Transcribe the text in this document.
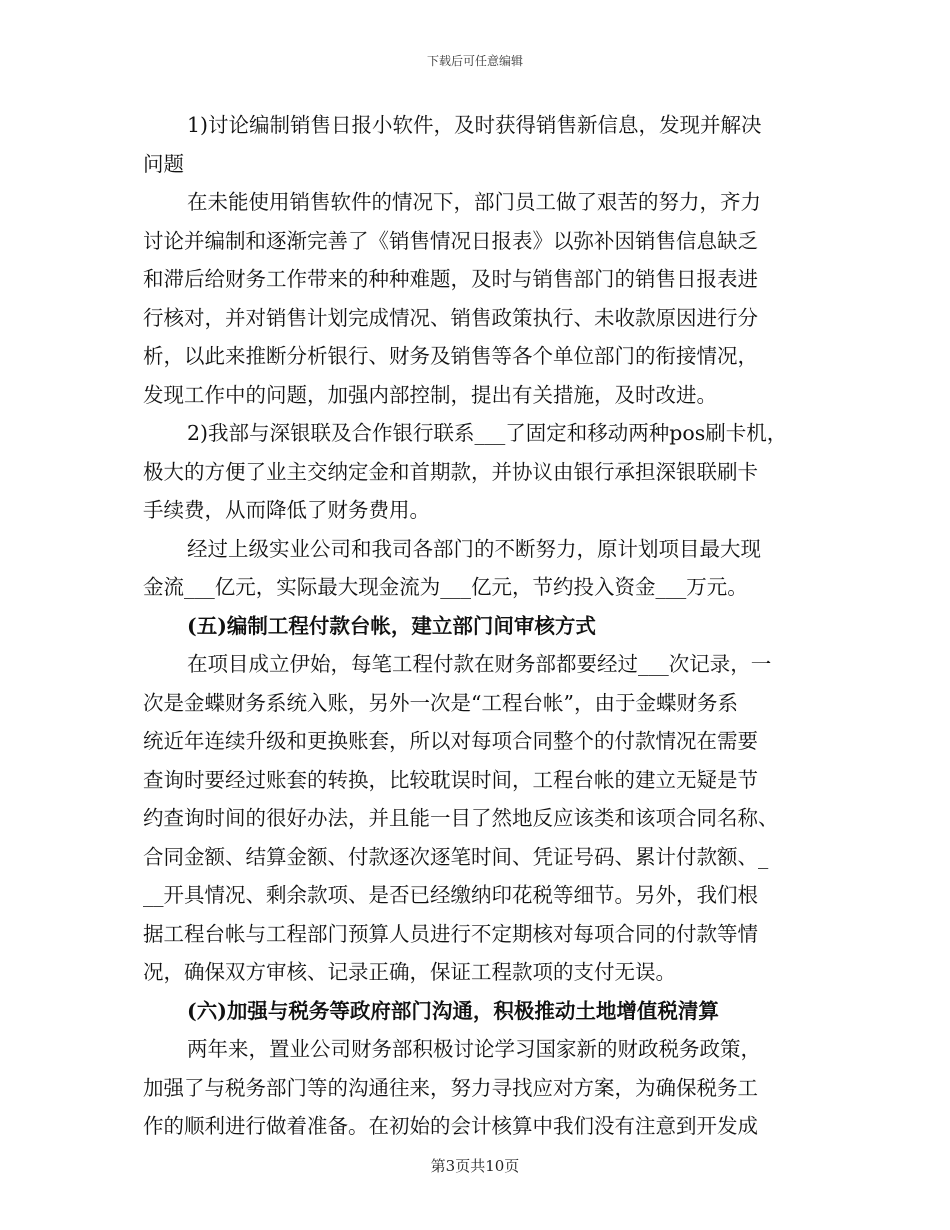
下载后可任意编辑
1)讨论编制销售日报小软件，及时获得销售新信息，发现并解决
问题
在未能使用销售软件的情况下，部门员工做了艰苦的努力，齐力
讨论并编制和逐渐完善了《销售情况日报表》以弥补因销售信息缺乏
和滞后给财务工作带来的种种难题，及时与销售部门的销售日报表进
行核对，并对销售计划完成情况、销售政策执行、未收款原因进行分
析，以此来推断分析银行、财务及销售等各个单位部门的衔接情况，
发现工作中的问题，加强内部控制，提出有关措施，及时改进。
2)我部与深银联及合作银行联系___了固定和移动两种pos刷卡机，
极大的方便了业主交纳定金和首期款，并协议由银行承担深银联刷卡
手续费，从而降低了财务费用。
经过上级实业公司和我司各部门的不断努力，原计划项目最大现
金流___亿元，实际最大现金流为___亿元，节约投入资金___万元。
(五)编制工程付款台帐，建立部门间审核方式
在项目成立伊始，每笔工程付款在财务部都要经过___次记录，一
次是金蝶财务系统入账，另外一次是“工程台帐”，由于金蝶财务系
统近年连续升级和更换账套，所以对每项合同整个的付款情况在需要
查询时要经过账套的转换，比较耽误时间，工程台帐的建立无疑是节
约查询时间的很好办法，并且能一目了然地反应该类和该项合同名称、
合同金额、结算金额、付款逐次逐笔时间、凭证号码、累计付款额、_
__开具情况、剩余款项、是否已经缴纳印花税等细节。另外，我们根
据工程台帐与工程部门预算人员进行不定期核对每项合同的付款等情
况，确保双方审核、记录正确，保证工程款项的支付无误。
(六)加强与税务等政府部门沟通，积极推动土地增值税清算
两年来，置业公司财务部积极讨论学习国家新的财政税务政策，
加强了与税务部门等的沟通往来，努力寻找应对方案，为确保税务工
作的顺利进行做着准备。在初始的会计核算中我们没有注意到开发成
第3页共10页
